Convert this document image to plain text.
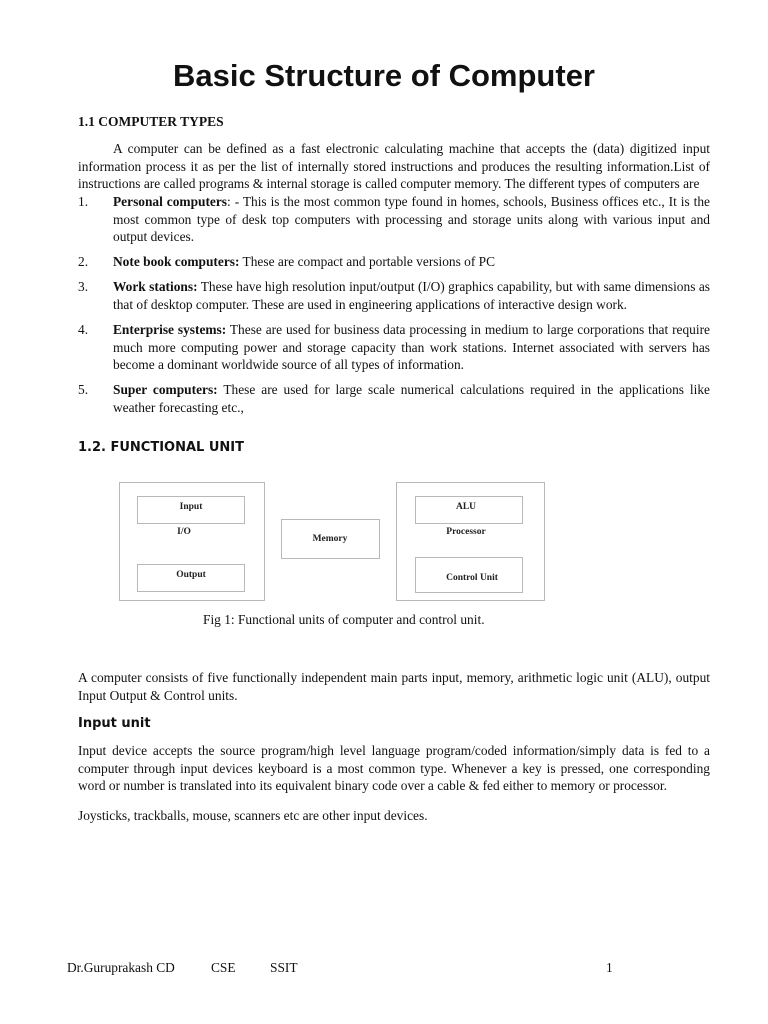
Basic Structure of Computer

1.1 COMPUTER TYPES

A computer can be defined as a fast electronic calculating machine that accepts the (data) digitized input information process it as per the list of internally stored instructions and produces the resulting information.List of instructions are called programs & internal storage is called computer memory. The different types of computers are

1. Personal computers: - This is the most common type found in homes, schools, Business offices etc., It is the most common type of desk top computers with processing and storage units along with various input and output devices.
2. Note book computers: These are compact and portable versions of PC
3. Work stations: These have high resolution input/output (I/O) graphics capability, but with same dimensions as that of desktop computer. These are used in engineering applications of interactive design work.
4. Enterprise systems: These are used for business data processing in medium to large corporations that require much more computing power and storage capacity than work stations. Internet associated with servers has become a dominant worldwide source of all types of information.
5. Super computers: These are used for large scale numerical calculations required in the applications like weather forecasting etc.,

1.2. FUNCTIONAL UNIT

Input
I/O
Output
Memory
ALU
Processor
Control Unit

Fig 1: Functional units of computer and control unit.

A computer consists of five functionally independent main parts input, memory, arithmetic logic unit (ALU), output Input Output & Control units.

Input unit

Input device accepts the source program/high level language program/coded information/simply data is fed to a computer through input devices keyboard is a most common type. Whenever a key is pressed, one corresponding word or number is translated into its equivalent binary code over a cable & fed either to memory or processor.

Joysticks, trackballs, mouse, scanners etc are other input devices.

Dr.Guruprakash CD	CSE	SSIT	1
